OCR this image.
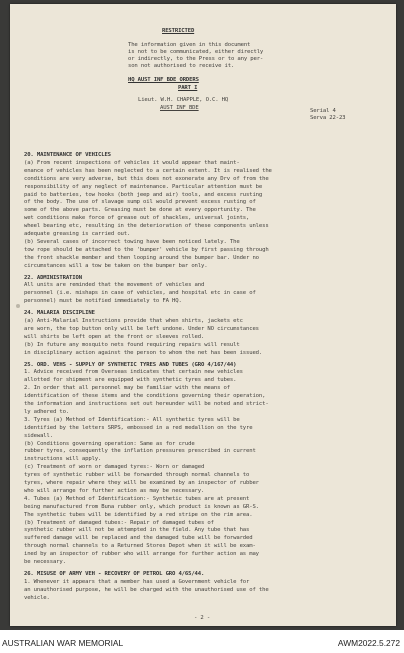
RESTRICTED
The information given in this document
is not to be communicated, either directly
or indirectly, to the Press or to any per-
son not authorised to receive it.
HQ AUST INF BDE ORDERS
PART I
Lieut. W.H. CHAPPLE, O.C. HQ
AUST INF BDE	Serial 4
Serva 22-23
20. MAINTENANCE OF VEHICLES
(a) From recent inspections of vehicles it would appear that maint-
enance of vehicles has been neglected to a certain extent. It is realised the
conditions are very adverse, but this does not exonerate any Drv of from the
responsibility of any neglect of maintenance. Particular attention must be
paid to batteries, tow hooks (both jeep and air) tools, and excess rusting
of the body. The use of slavage sump oil would prevent excess rusting of
some of the above parts. Greasing must be done at every opportunity. The
wet conditions make force of grease out of shackles, universal joints,
wheel bearing etc, resulting in the deterioration of these components unless
adequate greasing is carried out.
(b) Several cases of incorrect towing have been noticed lately. The
tow rope should be attached to the 'bumper' vehicle by first passing through
the front shackle member and then looping around the bumper bar. Under no
circumstances will a tow be taken on the bumper bar only.
22. ADMINISTRATION
All units are reminded that the movement of vehicles and
personnel (i.e. mishaps in case of vehicles, and hospital etc in case of
personnel) must be notified immediately to FA HQ.
24. MALARIA DISCIPLINE
(a) Anti-Malarial Instructions provide that when shirts, jackets etc
are worn, the top button only will be left undone. Under NO circumstances
will shirts be left open at the front or sleeves rolled.
(b) In future any mosquito nets found requiring repairs will result
in disciplinary action against the person to whom the net has been issued.
25. ORD. VEHS - SUPPLY OF SYNTHETIC TYRES AND TUBES (GRO 4/167/44)
1. Advice received from Overseas indicates that certain new vehicles
allotted for shipment are equipped with synthetic tyres and tubes.
2. In order that all personnel may be familiar with the means of
identification of these items and the conditions governing their operation,
the information and instructions set out hereunder will be noted and strict-
ly adhered to.
3. Tyres (a) Method of Identification:- All synthetic tyres will be
identified by the letters SRPS, embossed in a red medallion on the tyre
sidewall.
(b) Conditions governing operation: Same as for crude
rubber tyres, consequently the inflation pressures prescribed in current
instructions will apply.
(c) Treatment of worn or damaged tyres:- Worn or damaged
tyres of synthetic rubber will be forwarded through normal channels to
tyres, where repair where they will be examined by an inspector of rubber
who will arrange for further action as may be necessary.
4. Tubes (a) Method of Identification:- Synthetic tubes are at present
being manufactured from Buna rubber only, which product is known as GR-S.
The synthetic tubes will be identified by a red stripe on the rim area.
(b) Treatment of damaged tubes:- Repair of damaged tubes of
synthetic rubber will not be attempted in the field. Any tube that has
suffered damage will be replaced and the damaged tube will be forwarded
through normal channels to a Returned Stores Depot when it will be exam-
ined by an inspector of rubber who will arrange for further action as may
be necessary.
26. MISUSE OF ARMY VEH - RECOVERY OF PETROL GRO 4/65/44.
1. Whenever it appears that a member has used a Government vehicle for
an unauthorised purpose, he will be charged with the unauthorised use of the
vehicle.
- 2 -
AUSTRALIAN WAR MEMORIAL	AWM2022.5.272
